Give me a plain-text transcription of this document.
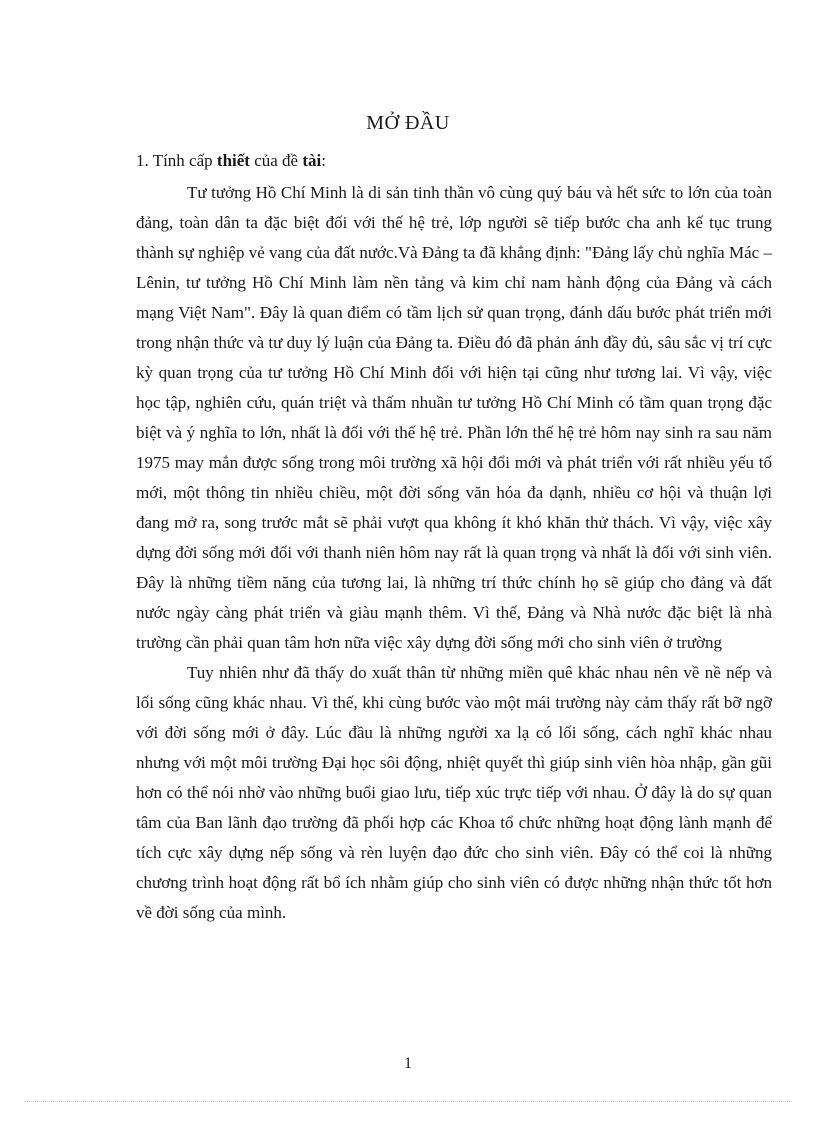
MỞ ĐẦU
1. Tính cấp thiết của đề tài:

Tư tưởng Hồ Chí Minh là di sản tinh thần vô cùng quý báu và hết sức to lớn của toàn đảng, toàn dân ta đặc biệt đối với thế hệ trẻ, lớp người sẽ tiếp bước cha anh kế tục trung thành sự nghiệp vẻ vang của đất nước.Và Đảng ta đã khẳng định: "Đảng lấy chủ nghĩa Mác – Lênin, tư tưởng Hồ Chí Minh làm nền tảng và kim chỉ nam hành động của Đảng và cách mạng Việt Nam". Đây là quan điểm có tầm lịch sử quan trọng, đánh dấu bước phát triển mới trong nhận thức và tư duy lý luận của Đảng ta. Điều đó đã phản ánh đầy đủ, sâu sắc vị trí cực kỳ quan trọng của tư tưởng Hồ Chí Minh đối với hiện tại cũng như tương lai. Vì vậy, việc học tập, nghiên cứu, quán triệt và thấm nhuần tư tưởng Hồ Chí Minh có tầm quan trọng đặc biệt và ý nghĩa to lớn, nhất là đối với thế hệ trẻ. Phần lớn thế hệ trẻ hôm nay sinh ra sau năm 1975 may mắn được sống trong môi trường xã hội đổi mới và phát triển với rất nhiều yếu tố mới, một thông tin nhiều chiều, một đời sống văn hóa đa dạnh, nhiều cơ hội và thuận lợi đang mở ra, song trước mắt sẽ phải vượt qua không ít khó khăn thử thách. Vì vậy, việc xây dựng đời sống mới đối với thanh niên hôm nay rất là quan trọng và nhất là đối với sinh viên. Đây là những tiềm năng của tương lai, là những trí thức chính họ sẽ giúp cho đảng và đất nước ngày càng phát triển và giàu mạnh thêm. Vì thế, Đảng và Nhà nước đặc biệt là nhà trường cần phải quan tâm hơn nữa việc xây dựng đời sống mới cho sinh viên ở trường

Tuy nhiên như đã thấy do xuất thân từ những miền quê khác nhau nên về nề nếp và lối sống cũng khác nhau. Vì thế, khi cùng bước vào một mái trường này cảm thấy rất bỡ ngỡ với đời sống mới ở đây. Lúc đầu là những người xa lạ có lối sống, cách nghĩ khác nhau nhưng với một môi trường Đại học sôi động, nhiệt quyết thì giúp sinh viên hòa nhập, gần gũi hơn có thể nói nhờ vào những buổi giao lưu, tiếp xúc trực tiếp với nhau. Ở đây là do sự quan tâm của Ban lãnh đạo trường đã phối hợp các Khoa tổ chức những hoạt động lành mạnh để tích cực xây dựng nếp sống và rèn luyện đạo đức cho sinh viên. Đây có thể coi là những chương trình hoạt động rất bổ ích nhằm giúp cho sinh viên có được những nhận thức tốt hơn về đời sống của mình.

1
